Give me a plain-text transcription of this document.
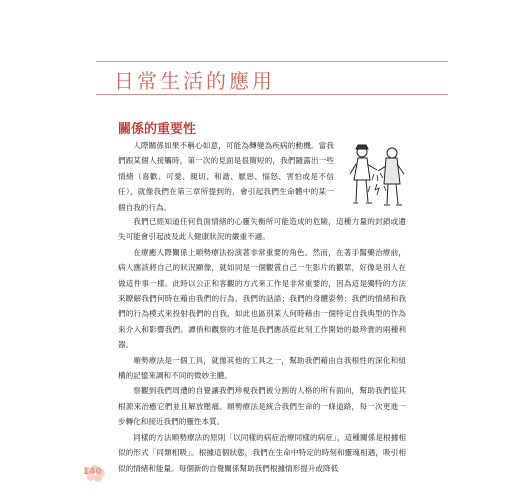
日常生活的應用
關係的重要性
人際關係如果不稱心如意，可能為轉變為疾病的動機。當我們跟某個人接觸時，第一次的見面是很簡短的，我們隨露出一些情緒（喜歡、可愛、親切、和諧、厭惡、惱怒、害怕或是不信任），就像我們在第三章所提到的，會引起我們生命體中的某一個自我的行為。

我們已經知道任何負面情緒的心靈失衡所可能造成的危險，這種力量的封鎖或遺失可能會引起波及此人健康狀況的嚴重不適。

在療癒人際關係上順勢療法扮演著非常重要的角色。然而，在著手醫藥治療前，病人應該將自己的狀況顯像，就如同是一個觀賞自己一生影片的觀眾，好像是別人在做這件事一樣。此時以公正和客觀的方式來工作是非常重要的，因為這是獨特的方法來瞭解我們何時在藉由我們的行為，我們的話語；我們的身體姿勢；我們的情緒和我們的行為模式來投射我們的自我，如此也區別某人何時藉由一個特定自我典型的作為來介入和影響我們。譚俏和觀察的才能是我們應該從此刻工作開始的最珍貴的兩種利器。

順勢療法是一個工具，就像其他的工具之一，幫助我們藉由自我根性的深化和組構的記憶來調和不同的微妙主體。

察觀到我們周遭的自覺讓我們珍視我們被分割的人格的所有面向，幫助我們從其根源來治癒它們並且解放壓痛。順勢療法是統合我們生命的一條道路，每一次更進一步轉化和接近我們的靈性本質。

同樣的方法順勢療法的原則「以同樣的病症治療同樣的病症」，這種關係是根據相似的形式「同類相吸」。根據這個狀態，我們在生命中特定的時刻和靈魂相遇，吸引相似的情緒和能量。每個新的自覺關係幫助我們根據情形提升或降低

140
